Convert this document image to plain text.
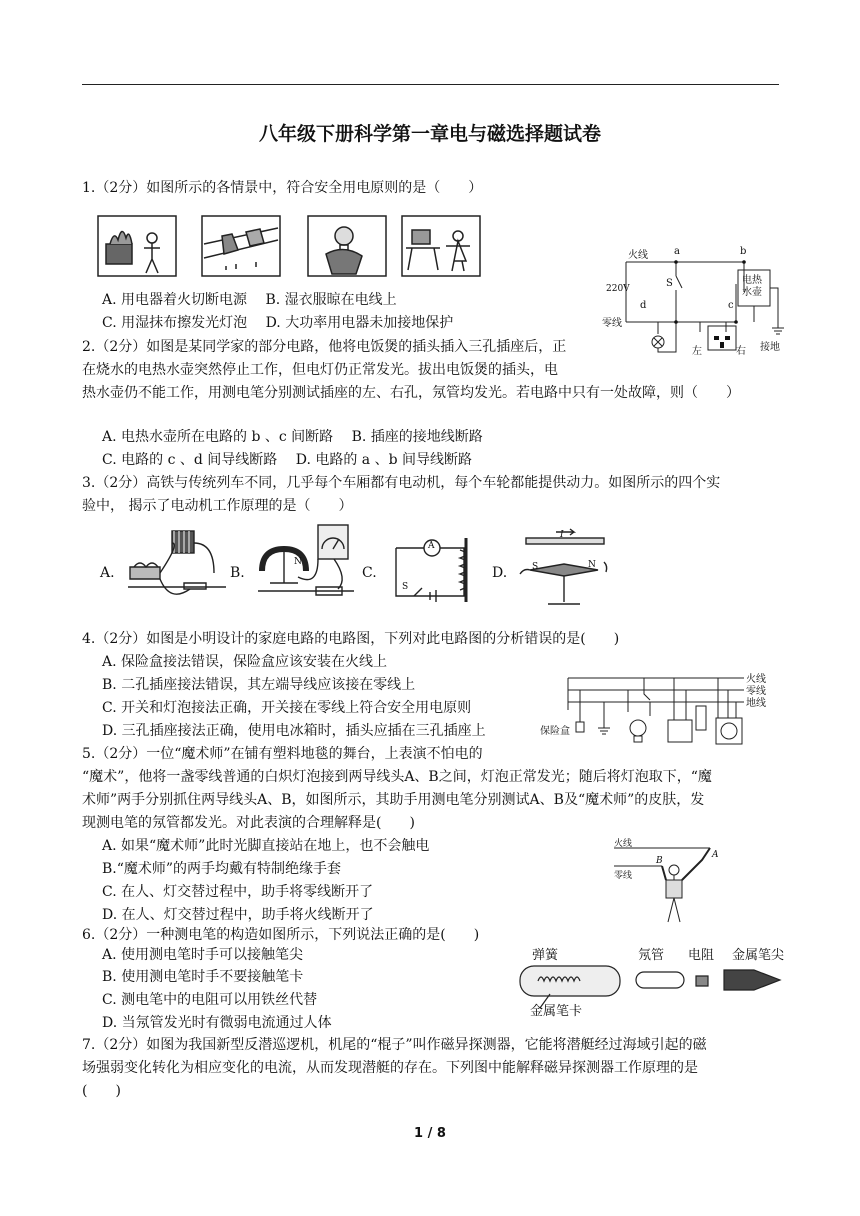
八年级下册科学第一章电与磁选择题试卷
1.（2分）如图所示的各情景中，符合安全用电原则的是（　　）
A. 用电器着火切断电源　 B. 湿衣服晾在电线上
C. 用湿抹布擦发光灯泡　 D. 大功率用电器未加接地保护
火线	a	b
220V	S	电热
水壶
d	c
零线
左	右 接地
2.（2分）如图是某同学家的部分电路，他将电饭煲的插头插入三孔插座后，正
在烧水的电热水壶突然停止工作，但电灯仍正常发光。拔出电饭煲的插头，电
热水壶仍不能工作，用测电笔分别测试插座的左、右孔，氖管均发光。若电路中只有一处故障，则（　　）
A. 电热水壶所在电路的 b 、c 间断路　 B. 插座的接地线断路
C. 电路的 c 、d 间导线断路　 D. 电路的 a 、b 间导线断路
3.（2分）高铁与传统列车不同，几乎每个车厢都有电动机，每个车轮都能提供动力。如图所示的四个实
验中， 揭示了电动机工作原理的是（　　）
A.	B.
N
C.
A
S
D.
I
S	N
4.（2分）如图是小明设计的家庭电路的电路图，下列对此电路图的分析错误的是(　　)
A. 保险盒接法错误，保险盒应该安装在火线上
B. 二孔插座接法错误，其左端导线应该接在零线上
C. 开关和灯泡接法正确，开关接在零线上符合安全用电原则
D. 三孔插座接法正确，使用电冰箱时，插头应插在三孔插座上
火线
零线
地线
保险盒
5.（2分）一位“魔术师”在铺有塑料地毯的舞台，上表演不怕电的
“魔术”，他将一盏零线普通的白炽灯泡接到两导线头A、B之间，灯泡正常发光；随后将灯泡取下，“魔
术师”两手分别抓住两导线头A、B，如图所示，其助手用测电笔分别测试A、B及“魔术师”的皮肤，发
现测电笔的氖管都发光。对此表演的合理解释是(　　)
A. 如果“魔术师”此时光脚直接站在地上，也不会触电
B.“魔术师”的两手均戴有特制绝缘手套
C. 在人、灯交替过程中，助手将零线断开了
D. 在人、灯交替过程中，助手将火线断开了
火线
零线
B
A
6.（2分）一种测电笔的构造如图所示，下列说法正确的是(　　)
A. 使用测电笔时手可以接触笔尖
B. 使用测电笔时手不要接触笔卡
C. 测电笔中的电阻可以用铁丝代替
D. 当氖管发光时有微弱电流通过人体
弹簧	氖管 电阻 金属笔尖
金属笔卡
7.（2分）如图为我国新型反潜巡逻机，机尾的“棍子”叫作磁异探测器，它能将潜艇经过海域引起的磁
场强弱变化转化为相应变化的电流，从而发现潜艇的存在。下列图中能解释磁异探测器工作原理的是
(　　)
1 / 8
